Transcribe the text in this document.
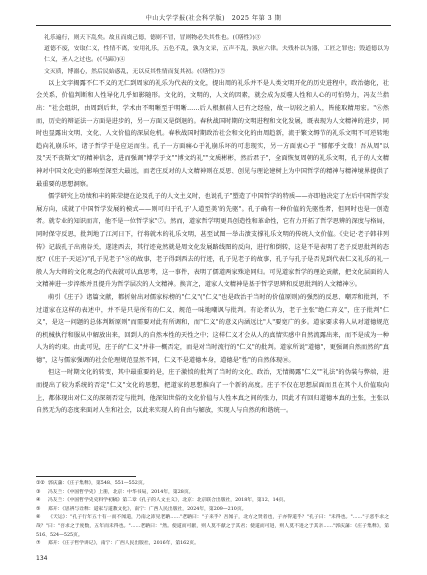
中山大学学报(社会科学版)　2025 年第 3 期

礼乐遍行，则天下乱矣。故且而虞己德，德则不冒，冒则物必失其性也。(《缮性》)③

道德不废，安取仁义，性情不离，安用礼乐，五色不乱，孰为文采，五声不乱，孰应六律。夫残朴以为器，工匠之罪也；毁道德以为仁义，圣人之过也。(《马蹄》)④

文灭质，博溺心，然后民始惑乱，无以反其性情而复其初。(《缮性》)⑤

以上文字揭露不仁不义的无仁到周家的礼乐为代表的文化，提出周的礼乐并不是人类文明开化的历史进程中，政治德化，社会关系，价值判断和人性导化几乎如影随形。文化的，文明的，人文的因素，就会成为反噬人性和人心的可怕势力，冯友兰指出："社会组织，由周到后世，学术由不明晰至于明晰……后人根据前人已有之经验，故一切较之前人，皆能取精用宏。"⑥然而，历史的辩证法一方面是进步的，另一方面又是倒退的。春秋战国时期的文明进程和文化发展，既表现为人文精神的进步，同时也显露出文明、文化、人文价值的深层危机。春秋战国时期政治社会和文化的由周趋新，流于繁文缛节的礼乐文明不可逆转地趋向礼崩乐坏，诸子哲学于是应运而生。孔子一方面痛心于礼崩乐坏的可悲现实，另一方面衷心于 "郁郁乎文哉！吾从周"以及"天不丧斯文"的精神信念，进而强调"博学于文""博文约礼""文质彬彬，然后君子"，全面恢复周朝的礼乐文明，孔子的人文精神对中国文化史的影响至深至大最远，而老庄反对的人文精神则在反思、创见与理论建树上为中国哲学的精神与精神境界提供了最重要的思想洞察。

儒学研究上功绩和丰的陈荣捷在论及孔子的人文主义时，也说孔子"塑造了中国哲学的特质——亦即他决定了左后中国哲学发展方向，成就了中国哲学发展的模式——则可归于孔子'人道至美'的先驱"。孔子确有一种价值的先驱性者，但同时也是一创造者。就专业的知识而言，他不是一位哲学家"⑦。然而，道家哲学明更具创造性和革命性，它有力开拓了哲学思辨的深度与格局，同时保守反思，批判地了江河日下，行将就木的礼乐文明，甚至试图一举击溃支撑礼乐文明的传统人文价值。《史记·老子韩非列传》记载孔子出南谷关，遂迷西去，其行迹竟然就是周文化发展路线图的反向，进行和倒转，这是不是表明了老子反思批判的态度？(《庄子·天运》)"孔子见老子"⑧的故事，老子得到西去的行迹，孔子见老子的故事，孔子与孔子是否见到代表仁义礼乐的礼一般人为大师的文化观念的代表就可认真思考，这一事件，表明了儒道两家殊途同归。可见道家哲学的理论贡献，把文化层面的人文精神进一步淬炼并且提升为哲学层次的人文精神。换言之，道家人文精神是基于哲学思辨和反思批判的人文精神⑨。

萌引《庄子》诸篇文献，都折射出对儒家标榜的"仁义"("仁义"也是政治于当时的价值原则)的强烈的反思、嘲弄和批判，不过道家在这样的表述中，并不是只是所有的仁义、规范一味地嘲讽与批判。有论者认为，老子主张"绝仁弃义"，庄子批判"仁义"，是这一问题的总体判断原则"而需要对此有所调和，而"仁义"的意义内涵远比"人"要宽广的多。道家要求将人从对道德规范的机械执行和服从中解放出来，回到人的自然本性的天性之中；这样仁义才会从人的真情实感中自然流露出来，而不是成为一种人为的约束。由此可见，庄子的"仁义"并非一概否定，而是对当时流行的"仁义"的批判。道家所说"道德"，更强调自然而然的"真德"，这与儒家强调的社会伦理规范显然不同，仁义不是道德本身，道德是"性"的自然体现⑩。

但这一时期文化的转变，其中最重要的是，庄子激愤的批判了当时的文化、政治，无情揭露"仁义""礼法"的伪装与弊端，进而提出了较为系统的否定"仁义"文化的思想，把道家的思想推向了一个新的高度。庄子不仅在思想层面而且在其个人价值取向上，都体现出对仁义的深刻否定与批判，他深知世俗的文化价值与人性本真之间的张力，因此才有回归道德本真的主张，主张以自然无为的态度来面对人生和社会，以此来实现人的自由与解放，实现人与自然的和谐统一。

①② 郭庆藩：《庄子集释》，第548、551—552页。

③ 冯友兰：《中国哲学史》上册，北京：中华书局，2014年，第28页。

④ 冯友兰：《中国哲学史史料学初稿》第二章《孔子的人文主义》，北京：北京联合出版社，2018年，第12、14页。

⑤ 郑开：《思辨与诠释：道家与道教文化》，南宁：广西人民出版社，2024年，第209—210页。

⑥ 《天运》："孔子行年五十有一而不闻道，乃南之沛见老聃……"老聃曰："子来乎？吾闻子，北方之贤者也，子亦得道乎？"孔子曰："未得也。"……"子恶乎求之哉？"曰："吾求之于度数，五年而未得也。"……老聃曰："然。使道而可献，则人莫不献之于其君；使道而可进，则人莫不进之于其亲……"郭庆藩：《庄子集释》，第516、524—525页。

⑦ 郑开：《庄子哲学讲记》，南宁：广西人民出版社，2016年，第162页。

134
